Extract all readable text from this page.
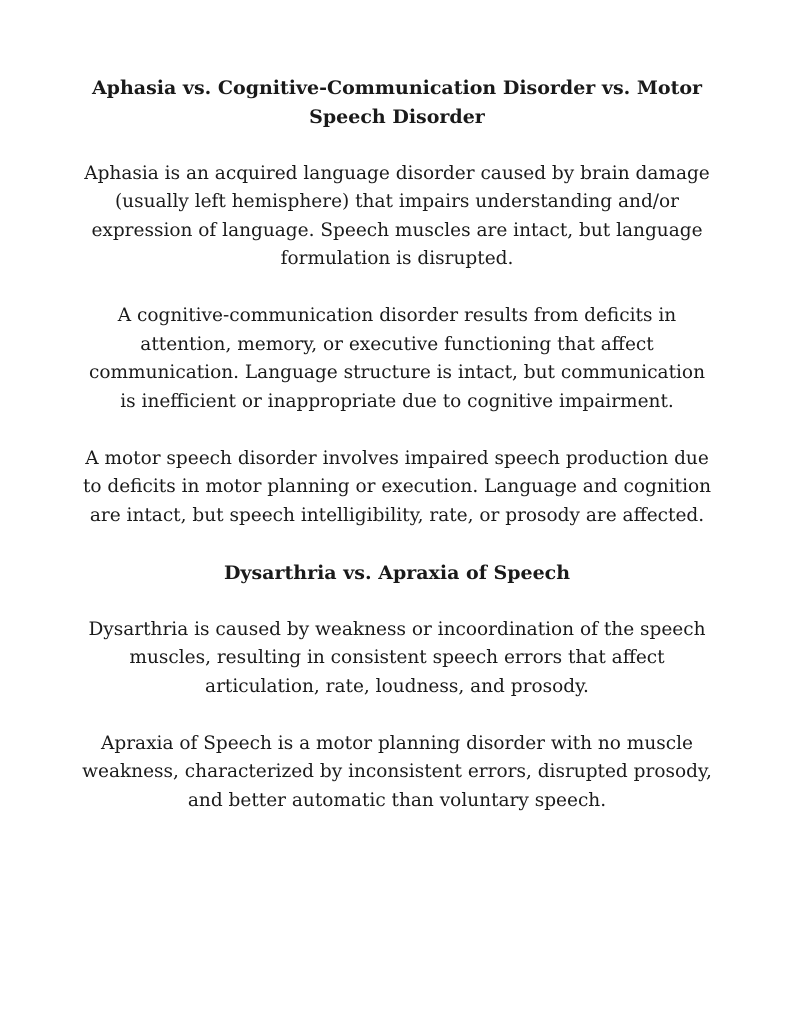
Aphasia vs. Cognitive-Communication Disorder vs. Motor Speech Disorder

Aphasia is an acquired language disorder caused by brain damage (usually left hemisphere) that impairs understanding and/or expression of language. Speech muscles are intact, but language formulation is disrupted.

A cognitive-communication disorder results from deficits in attention, memory, or executive functioning that affect communication. Language structure is intact, but communication is inefficient or inappropriate due to cognitive impairment.

A motor speech disorder involves impaired speech production due to deficits in motor planning or execution. Language and cognition are intact, but speech intelligibility, rate, or prosody are affected.

Dysarthria vs. Apraxia of Speech

Dysarthria is caused by weakness or incoordination of the speech muscles, resulting in consistent speech errors that affect articulation, rate, loudness, and prosody.

Apraxia of Speech is a motor planning disorder with no muscle weakness, characterized by inconsistent errors, disrupted prosody, and better automatic than voluntary speech.
